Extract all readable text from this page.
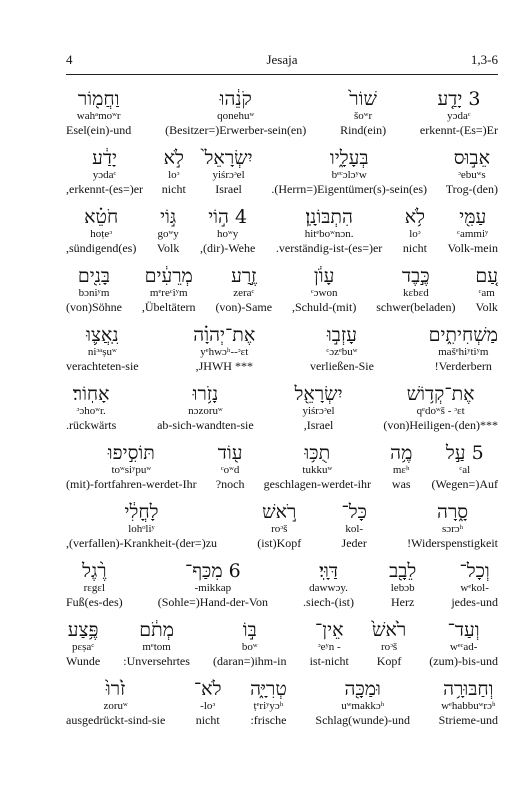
4	Jesaja	1,3-6
וַחֲמ֖וֹר
wahᵃmoʷr
Esel(ein)-und
קֹנֵ֔הוּ
qonehuʷ
(Besitzer=)Erwerber-sein(en)
שׁוֹר֙
šoʷr
Rind(ein)
3 יָדַ֤ע
yɔdaᶜ
erkennt-(Es=)Er
יָדַ֔ע
yɔdaᶜ
,erkennt-(es=)er
לֹ֣א
loᵓ
nicht
יִשְׂרָאֵל֙
yiśrɔᵓel
Israel
בְּעָלָ֑יו
bᵉᶜɔlɔʸw
.(Herrn=)Eigentümer(s)-sein(es)
אֵב֣וּס
ᵓebuʷs
Trog-(den)
חֹטֵ֗א
hoṭeᵓ
,sündigend(es)
גּ֣וֹי
goʷy
Volk
4 ה֣וֹי
hoʷy
,(dir)-Wehe
הִתְבּוֹנָֽן׃
hitᵉboʷnɔn.
.verständig-ist-(es=)er
לֹ֥א
loᵓ
nicht
עַמִּ֖י
ᶜammiʸ
Volk-mein
בָּנִ֖ים
bɔniʸm
(von)Söhne
מְרֵעִ֔ים
mᵉreᶜiʸm
,Übeltätern
זֶ֣רַע
zeraᶜ
(von)-Same
עָוֺ֔ן
ᶜɔwon
,Schuld-(mit)
כֶּ֣בֶד
kɛbɛd
schwer(beladen)
עַ֚ם
ᶜam
Volk
נִֽאֲצ֛וּ
niᵓᵃṣuʷ
verachteten-sie
אֶת־יְהוָ֗ה
yᵉhwɔʰ--ᵓɛt
,JHWH ***
עָזְב֣וּ
ᶜɔzᵉbuʷ
verließen-Sie
מַשְׁחִיתִ֑ים
mašᵉhiʸtiʸm
!Verderbern
אָחֽוֹר׃
ᵓɔhoʷr.
.rückwärts
נָזֹ֥רוּ
nɔzoruʷ
ab-sich-wandten-sie
יִשְׂרָאֵ֖ל
yiśrɔᵓel
,Israel
אֶת־קְד֥וֹשׁ
qᵉdoʷš - ᵓɛt
(von)Heiligen-(den)***
תּוֹסִ֣יפוּ
toʷsiʸpuʷ
(mit)-fortfahren-werdet-Ihr
ע֖וֹד
ᶜoʷd
?noch
תֻכּ֥וּ
tukkuʷ
geschlagen-werdet-ihr
מֶ֥ה
mɛʰ
was
5 עַ֣ל
ᶜal
(Wegen=)Auf
לָחֳלִ֔י
lohᵒliʸ
,(verfallen)-Krankheit-(der=)zu
רֹ֣אשׁ
roᵓš
(ist)Kopf
כָּל־
kol-
Jeder
סָ֑רָה
sɔrɔʰ
!Widerspenstigkeit
רֶ֨גֶל
rɛgɛl
Fuß(es-des)
6 מִכַּף־
-mikkap
(Sohle=)Hand-der-Von
דַּוָּֽי׃
dawwɔy.
.siech-(ist)
לֵבָ֖ב
lebɔb
Herz
וְכָל־
wᵉkol-
jedes-und
פֶּ֥צַע
pɛṣaᶜ
Wunde
מְתֹ֔ם
mᵉtom
:Unversehrtes
בּ֣וֹ
boʷ
(daran=)ihm-in
אֵין־
ᵓeʸn -
ist-nicht
רֹ֙אשׁ֙
roᵓš
Kopf
וְעַד־
wᵉᶜad-
(zum)-bis-und
זֹ֙רוּ֙
zoruʷ
ausgedrückt-sind-sie
לֹא־
-loᵓ
nicht
טְרִיָּ֑ה
ṭᵉriʸyɔʰ
:frische
וּמַכָּ֖ה
uʷmakkɔʰ
Schlag(wunde)-und
וְחַבּוּרָ֥ה
wᵉhabbuʷrɔʰ
Strieme-und
